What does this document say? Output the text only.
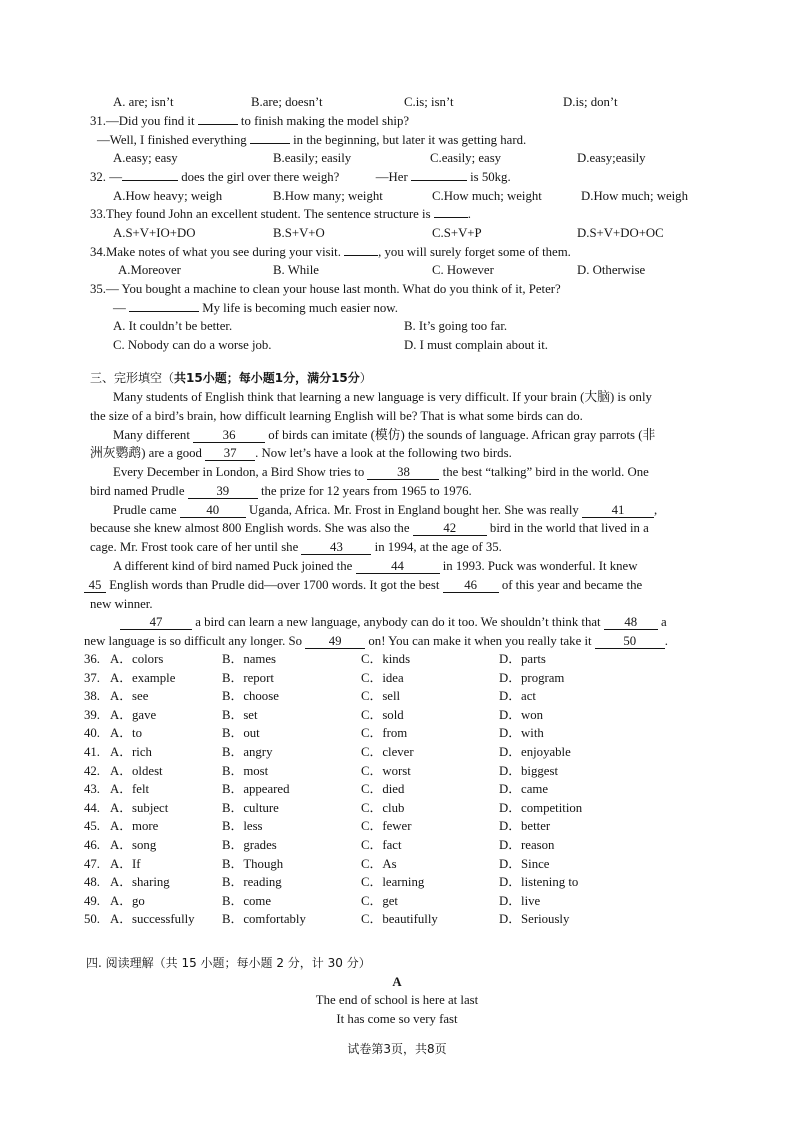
A. are; isn’t	B.are; doesn’t	C.is; isn’t	D.is; don’t
31.—Did you find it	to finish making the model ship?
—Well, I finished everything	in the beginning, but later it was getting hard.
A.easy; easy	B.easily; easily	C.easily; easy	D.easy;easily
32. —	does the girl over there weigh?	—Her	is 50kg.
A.How heavy; weigh	B.How many; weight	C.How much; weight	D.How much; weigh
33.They found John an excellent student. The sentence structure is	.
A.S+V+IO+DO	B.S+V+O	C.S+V+P	D.S+V+DO+OC
34.Make notes of what you see during your visit.	, you will surely forget some of them.
A.Moreover	B. While	C. However	D. Otherwise
35.— You bought a machine to clean your house last month. What do you think of it, Peter?
—	My life is becoming much easier now.
A. It couldn’t be better.	B. It’s going too far.
C. Nobody can do a worse job.	D. I must complain about it.
三、完形填空（共15小题；每小题1分，满分15分）
Many students of English think that learning a new language is very difficult. If your brain (大脑) is only
the size of a bird’s brain, how difficult learning English will be? That is what some birds can do.
Many different	36	of birds can imitate (模仿) the sounds of language. African gray parrots (非
洲灰鹦鹉) are a good 37 . Now let’s have a look at the following two birds.
Every December in London, a Bird Show tries to	38	the best “talking” bird in the world. One
bird named Prudle 39 the prize for 12 years from 1965 to 1976.
Prudle came 40 Uganda, Africa. Mr. Frost in England bought her. She was really	41 ,
because she knew almost 800 English words. She was also the	42	bird in the world that lived in a
cage. Mr. Frost took care of her until she 43 in 1994, at the age of 35.
A different kind of bird named Puck joined the	44	in 1993. Puck was wonderful. It knew
45 English words than Prudle did—over 1700 words. It got the best 46 of this year and became the
new winner.
47	a bird can learn a new language, anybody can do it too. We shouldn’t think that 48 a
new language is so difficult any longer. So 49 on! You can make it when you really take it 50 .
36. A．colors	B．names	C．kinds	D．parts
37. A．example	B．report	C．idea	D．program
38. A．see	B．choose	C．sell	D．act
39. A．gave	B．set	C．sold	D．won
40. A．to	B．out	C．from	D．with
41. A．rich	B．angry	C．clever	D．enjoyable
42. A．oldest	B．most	C．worst	D．biggest
43. A．felt	B．appeared	C．died	D．came
44. A．subject	B．culture	C．club	D．competition
45. A．more	B．less	C．fewer	D．better
46. A．song	B．grades	C．fact	D．reason
47. A．If	B．Though	C．As	D．Since
48. A．sharing	B．reading	C．learning	D．listening to
49. A．go	B．come	C．get	D．live
50. A．successfully B．comfortably	C．beautifully	D．Seriously
四. 阅读理解（共 15 小题；每小题 2 分，计 30 分）
A
The end of school is here at last
It has come so very fast
试卷第3页，共8页
